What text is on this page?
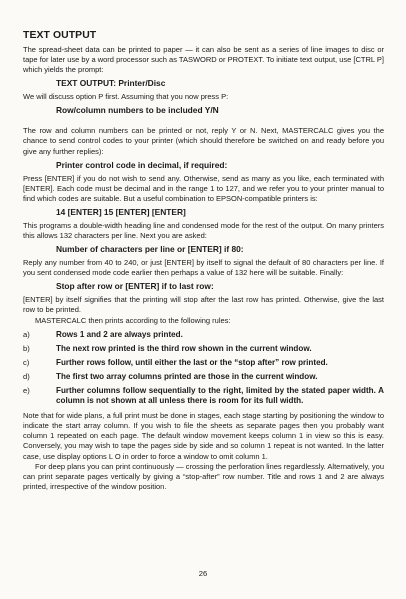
TEXT OUTPUT

The spread-sheet data can be printed to paper — it can also be sent as a series of line images to disc or tape for later use by a word processor such as TASWORD or PROTEXT. To initiate text output, use [CTRL P] which yields the prompt:

TEXT OUTPUT: Printer/Disc

We will discuss option P first. Assuming that you now press P:

Row/column numbers to be included Y/N

The row and column numbers can be printed or not, reply Y or N. Next, MASTERCALC gives you the chance to send control codes to your printer (which should therefore be switched on and ready before you give any further replies):

Printer control code in decimal, if required:

Press [ENTER] if you do not wish to send any. Otherwise, send as many as you like, each terminated with [ENTER]. Each code must be decimal and in the range 1 to 127, and we refer you to your printer manual to find which codes are suitable. But a useful combination to EPSON-compatible printers is:

14 [ENTER] 15 [ENTER] [ENTER]

This programs a double-width heading line and condensed mode for the rest of the output. On many printers this allows 132 characters per line. Next you are asked:

Number of characters per line or [ENTER] if 80:

Reply any number from 40 to 240, or just [ENTER] by itself to signal the default of 80 characters per line. If you sent condensed mode code earlier then perhaps a value of 132 here will be suitable. Finally:

Stop after row or [ENTER] if to last row:

[ENTER] by itself signifies that the printing will stop after the last row has printed. Otherwise, give the last row to be printed.

MASTERCALC then prints according to the following rules:

a)	Rows 1 and 2 are always printed.
b)	The next row printed is the third row shown in the current window.
c)	Further rows follow, until either the last or the “stop after” row printed.
d)	The first two array columns printed are those in the current window.
e)	Further columns follow sequentially to the right, limited by the stated paper width. A column is not shown at all unless there is room for its full width.

Note that for wide plans, a full print must be done in stages, each stage starting by positioning the window to indicate the start array column. If you wish to file the sheets as separate pages then you probably want column 1 repeated on each page. The default window movement keeps column 1 in view so this is easy. Conversely, you may wish to tape the pages side by side and so column 1 repeat is not wanted. In the latter case, use display options L O in order to force a window to omit column 1.

For deep plans you can print continuously — crossing the perforation lines regardlessly. Alternatively, you can print separate pages vertically by giving a “stop-after” row number. Title and rows 1 and 2 are always printed, irrespective of the window position.

26
